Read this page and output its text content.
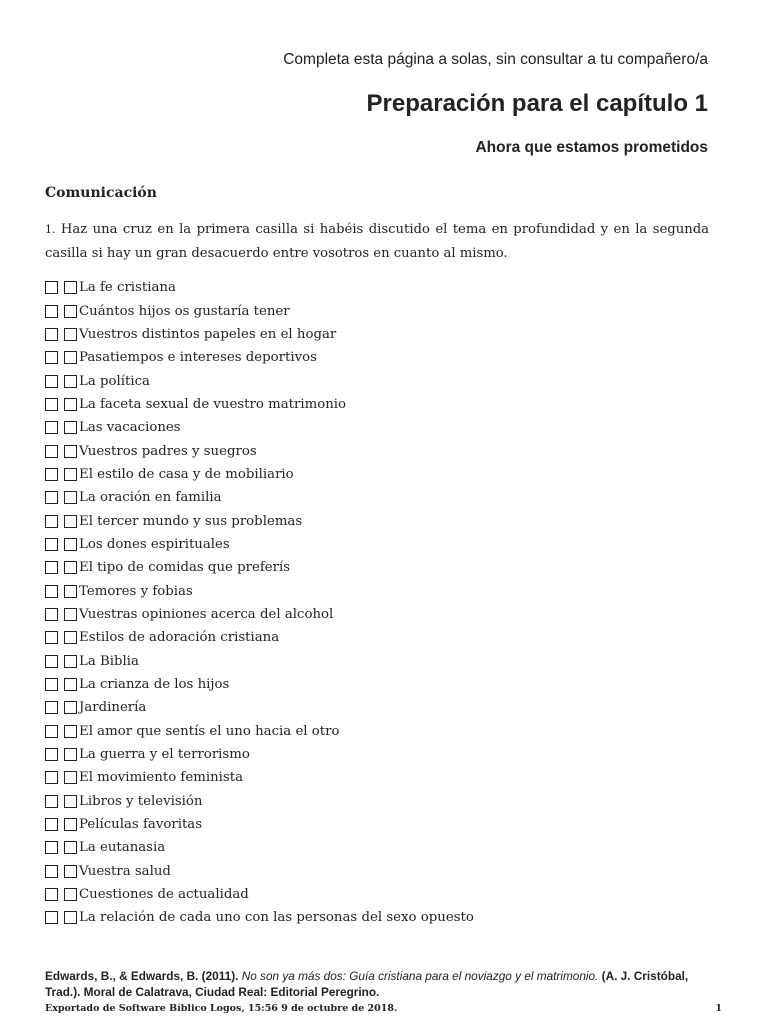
Completa esta página a solas, sin consultar a tu compañero/a
Preparación para el capítulo 1
Ahora que estamos prometidos
Comunicación

1. Haz una cruz en la primera casilla si habéis discutido el tema en profundidad y en la segunda casilla si hay un gran desacuerdo entre vosotros en cuanto al mismo.

La fe cristiana
Cuántos hijos os gustaría tener
Vuestros distintos papeles en el hogar
Pasatiempos e intereses deportivos
La política
La faceta sexual de vuestro matrimonio
Las vacaciones
Vuestros padres y suegros
El estilo de casa y de mobiliario
La oración en familia
El tercer mundo y sus problemas
Los dones espirituales
El tipo de comidas que preferís
Temores y fobias
Vuestras opiniones acerca del alcohol
Estilos de adoración cristiana
La Biblia
La crianza de los hijos
Jardinería
El amor que sentís el uno hacia el otro
La guerra y el terrorismo
El movimiento feminista
Libros y televisión
Películas favoritas
La eutanasia
Vuestra salud
Cuestiones de actualidad
La relación de cada uno con las personas del sexo opuesto
Edwards, B., & Edwards, B. (2011). No son ya más dos: Guía cristiana para el noviazgo y el matrimonio. (A. J. Cristóbal, Trad.). Moral de Calatrava, Ciudad Real: Editorial Peregrino.
Exportado de Software Bíblico Logos, 15:56 9 de octubre de 2018.	1
